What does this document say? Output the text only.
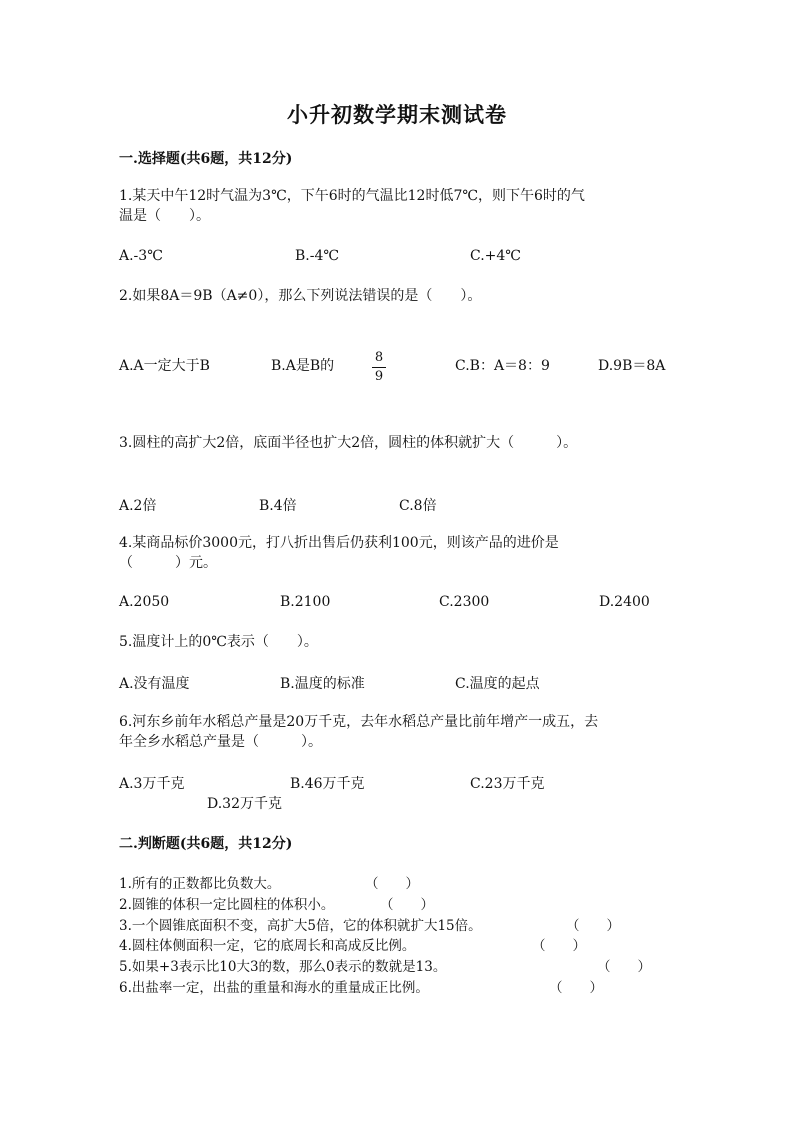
小升初数学期末测试卷
一.选择题(共6题，共12分)
1.某天中午12时气温为3℃，下午6时的气温比12时低7℃，则下午6时的气
温是（　　）。
A.-3℃	B.-4℃	C.+4℃
2.如果8A＝9B（A≠0），那么下列说法错误的是（　　）。
A.A一定大于B	B.A是B的
8
9
C.B：A＝8：9	D.9B＝8A
3.圆柱的高扩大2倍，底面半径也扩大2倍，圆柱的体积就扩大（　　　）。
A.2倍	B.4倍	C.8倍
4.某商品标价3000元，打八折出售后仍获利100元，则该产品的进价是
（　　　）元。
A.2050	B.2100	C.2300	D.2400
5.温度计上的0℃表示（　　）。
A.没有温度	B.温度的标准	C.温度的起点
6.河东乡前年水稻总产量是20万千克，去年水稻总产量比前年增产一成五，去
年全乡水稻总产量是（　　　）。
A.3万千克	B.46万千克	C.23万千克
D.32万千克
二.判断题(共6题，共12分)
1.所有的正数都比负数大。	（　　）
2.圆锥的体积一定比圆柱的体积小。	（　　）
3.一个圆锥底面积不变，高扩大5倍，它的体积就扩大15倍。	（　　）
4.圆柱体侧面积一定，它的底周长和高成反比例。	（　　）
5.如果+3表示比10大3的数，那么0表示的数就是13。	（　　）
6.出盐率一定，出盐的重量和海水的重量成正比例。	（　　）
